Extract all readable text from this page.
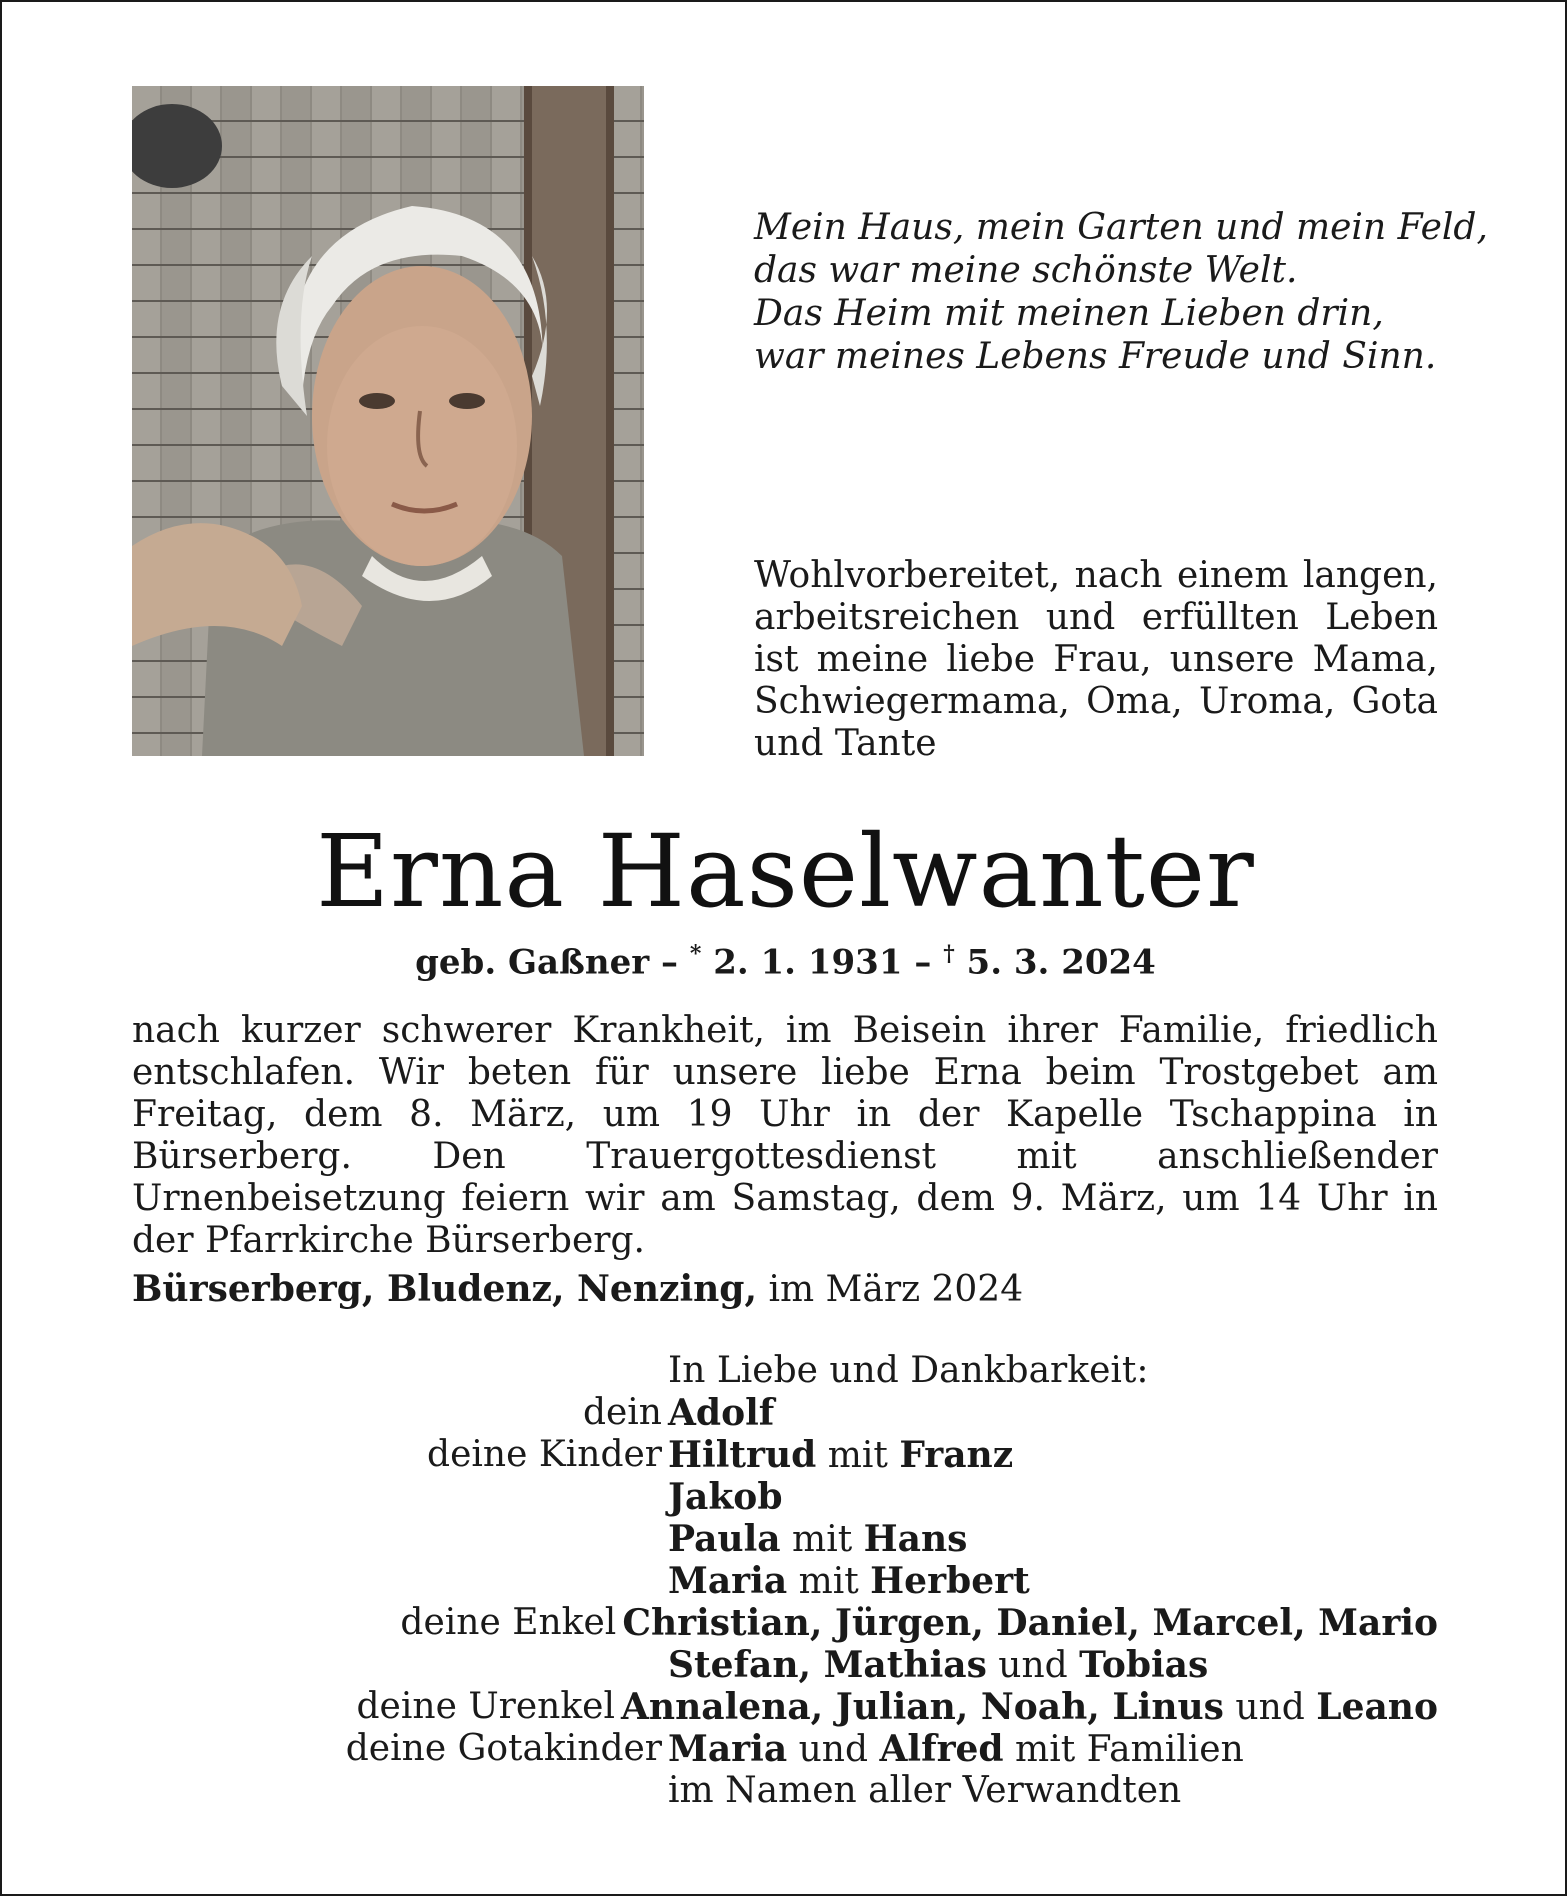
Mein Haus, mein Garten und mein Feld,
das war meine schönste Welt.
Das Heim mit meinen Lieben drin,
war meines Lebens Freude und Sinn.
Wohlvorbereitet, nach einem langen, arbeitsreichen und erfüllten Leben ist meine liebe Frau, unsere Mama, Schwiegermama, Oma, Uroma, Gota und Tante
Erna Haselwanter
geb. Gaßner – * 2. 1. 1931 – † 5. 3. 2024
nach kurzer schwerer Krankheit, im Beisein ihrer Familie, friedlich entschlafen. Wir beten für unsere liebe Erna beim Trostgebet am Freitag, dem 8. März, um 19 Uhr in der Kapelle Tschappina in Bürserberg. Den Trauergottesdienst mit anschließender Urnenbeisetzung feiern wir am Samstag, dem 9. März, um 14 Uhr in der Pfarrkirche Bürserberg.
Bürserberg, Bludenz, Nenzing, im März 2024
In Liebe und Dankbarkeit:
dein Adolf
deine Kinder Hiltrud mit Franz
Jakob
Paula mit Hans
Maria mit Herbert
deine Enkel Christian, Jürgen, Daniel, Marcel, Mario
Stefan, Mathias und Tobias
deine Urenkel Annalena, Julian, Noah, Linus und Leano
deine Gotakinder Maria und Alfred mit Familien
im Namen aller Verwandten
